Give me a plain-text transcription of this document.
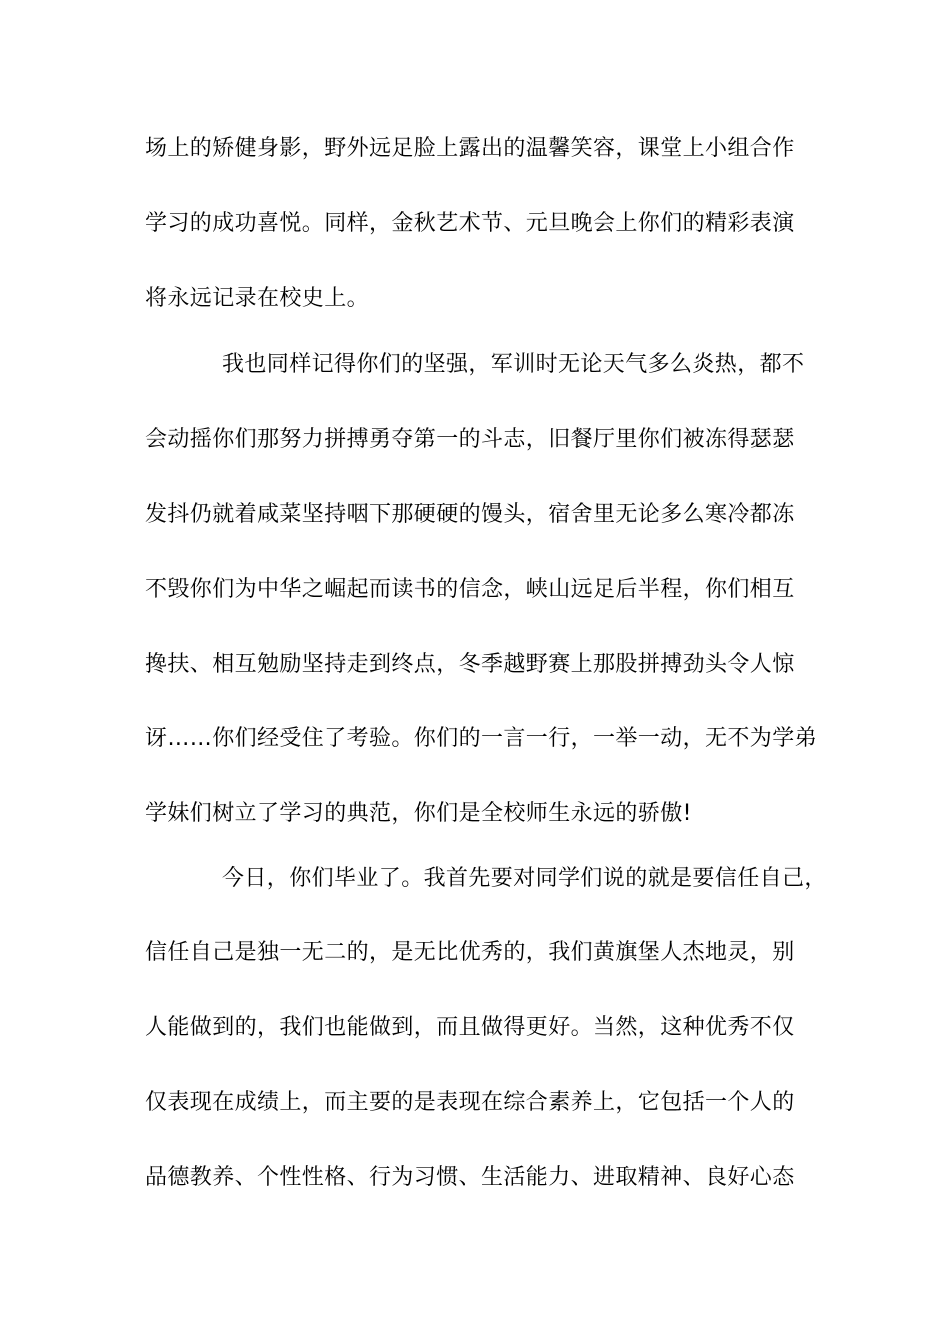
场上的矫健身影，野外远足脸上露出的温馨笑容，课堂上小组合作
学习的成功喜悦。同样，金秋艺术节、元旦晚会上你们的精彩表演
将永远记录在校史上。
我也同样记得你们的坚强，军训时无论天气多么炎热，都不
会动摇你们那努力拼搏勇夺第一的斗志，旧餐厅里你们被冻得瑟瑟
发抖仍就着咸菜坚持咽下那硬硬的馒头，宿舍里无论多么寒冷都冻
不毁你们为中华之崛起而读书的信念，峡山远足后半程，你们相互
搀扶、相互勉励坚持走到终点，冬季越野赛上那股拼搏劲头令人惊
讶……你们经受住了考验。你们的一言一行，一举一动，无不为学弟
学妹们树立了学习的典范，你们是全校师生永远的骄傲!
今日，你们毕业了。我首先要对同学们说的就是要信任自己，
信任自己是独一无二的，是无比优秀的，我们黄旗堡人杰地灵，别
人能做到的，我们也能做到，而且做得更好。当然，这种优秀不仅
仅表现在成绩上，而主要的是表现在综合素养上，它包括一个人的
品德教养、个性性格、行为习惯、生活能力、进取精神、良好心态
